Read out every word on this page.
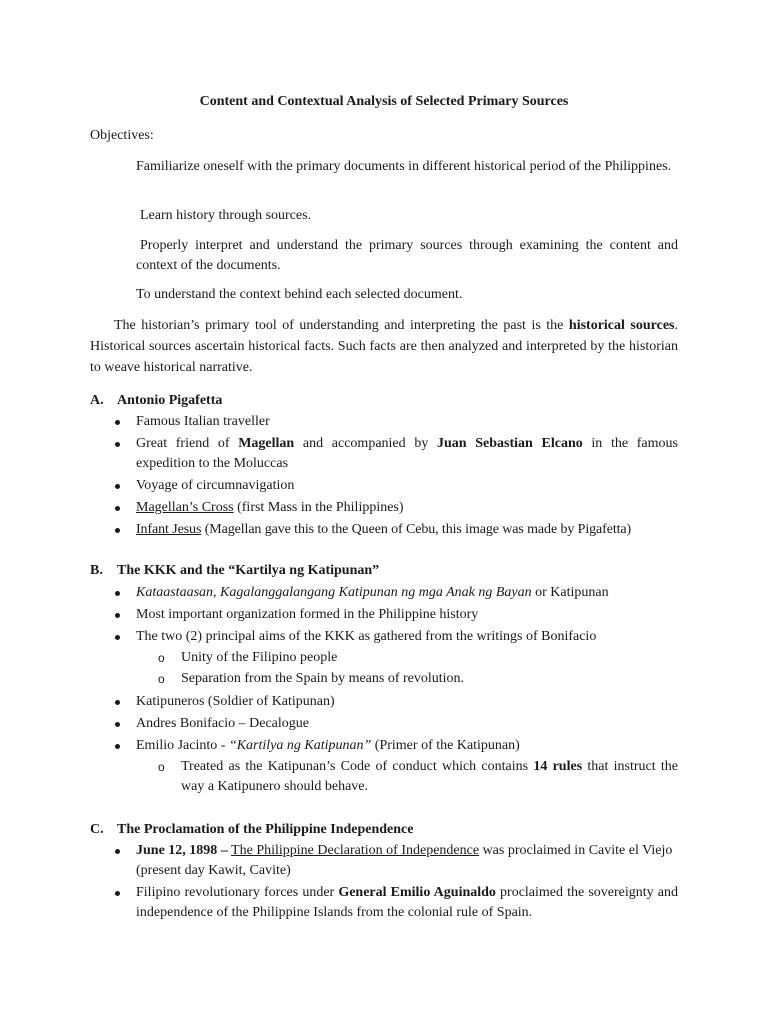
Content and Contextual Analysis of Selected Primary Sources
Objectives:
Familiarize oneself with the primary documents in different historical period of the Philippines.
Learn history through sources.
Properly interpret and understand the primary sources through examining the content and context of the documents.
To understand the context behind each selected document.
The historian’s primary tool of understanding and interpreting the past is the historical sources. Historical sources ascertain historical facts. Such facts are then analyzed and interpreted by the historian to weave historical narrative.
A. Antonio Pigafetta
Famous Italian traveller
Great friend of Magellan and accompanied by Juan Sebastian Elcano in the famous expedition to the Moluccas
Voyage of circumnavigation
Magellan’s Cross (first Mass in the Philippines)
Infant Jesus (Magellan gave this to the Queen of Cebu, this image was made by Pigafetta)
B. The KKK and the “Kartilya ng Katipunan”
Kataastaasan, Kagalanggalangang Katipunan ng mga Anak ng Bayan or Katipunan
Most important organization formed in the Philippine history
The two (2) principal aims of the KKK as gathered from the writings of Bonifacio
o Unity of the Filipino people
o Separation from the Spain by means of revolution.
Katipuneros (Soldier of Katipunan)
Andres Bonifacio – Decalogue
Emilio Jacinto - “Kartilya ng Katipunan” (Primer of the Katipunan)
o Treated as the Katipunan’s Code of conduct which contains 14 rules that instruct the way a Katipunero should behave.
C. The Proclamation of the Philippine Independence
June 12, 1898 – The Philippine Declaration of Independence was proclaimed in Cavite el Viejo (present day Kawit, Cavite)
Filipino revolutionary forces under General Emilio Aguinaldo proclaimed the sovereignty and independence of the Philippine Islands from the colonial rule of Spain.
